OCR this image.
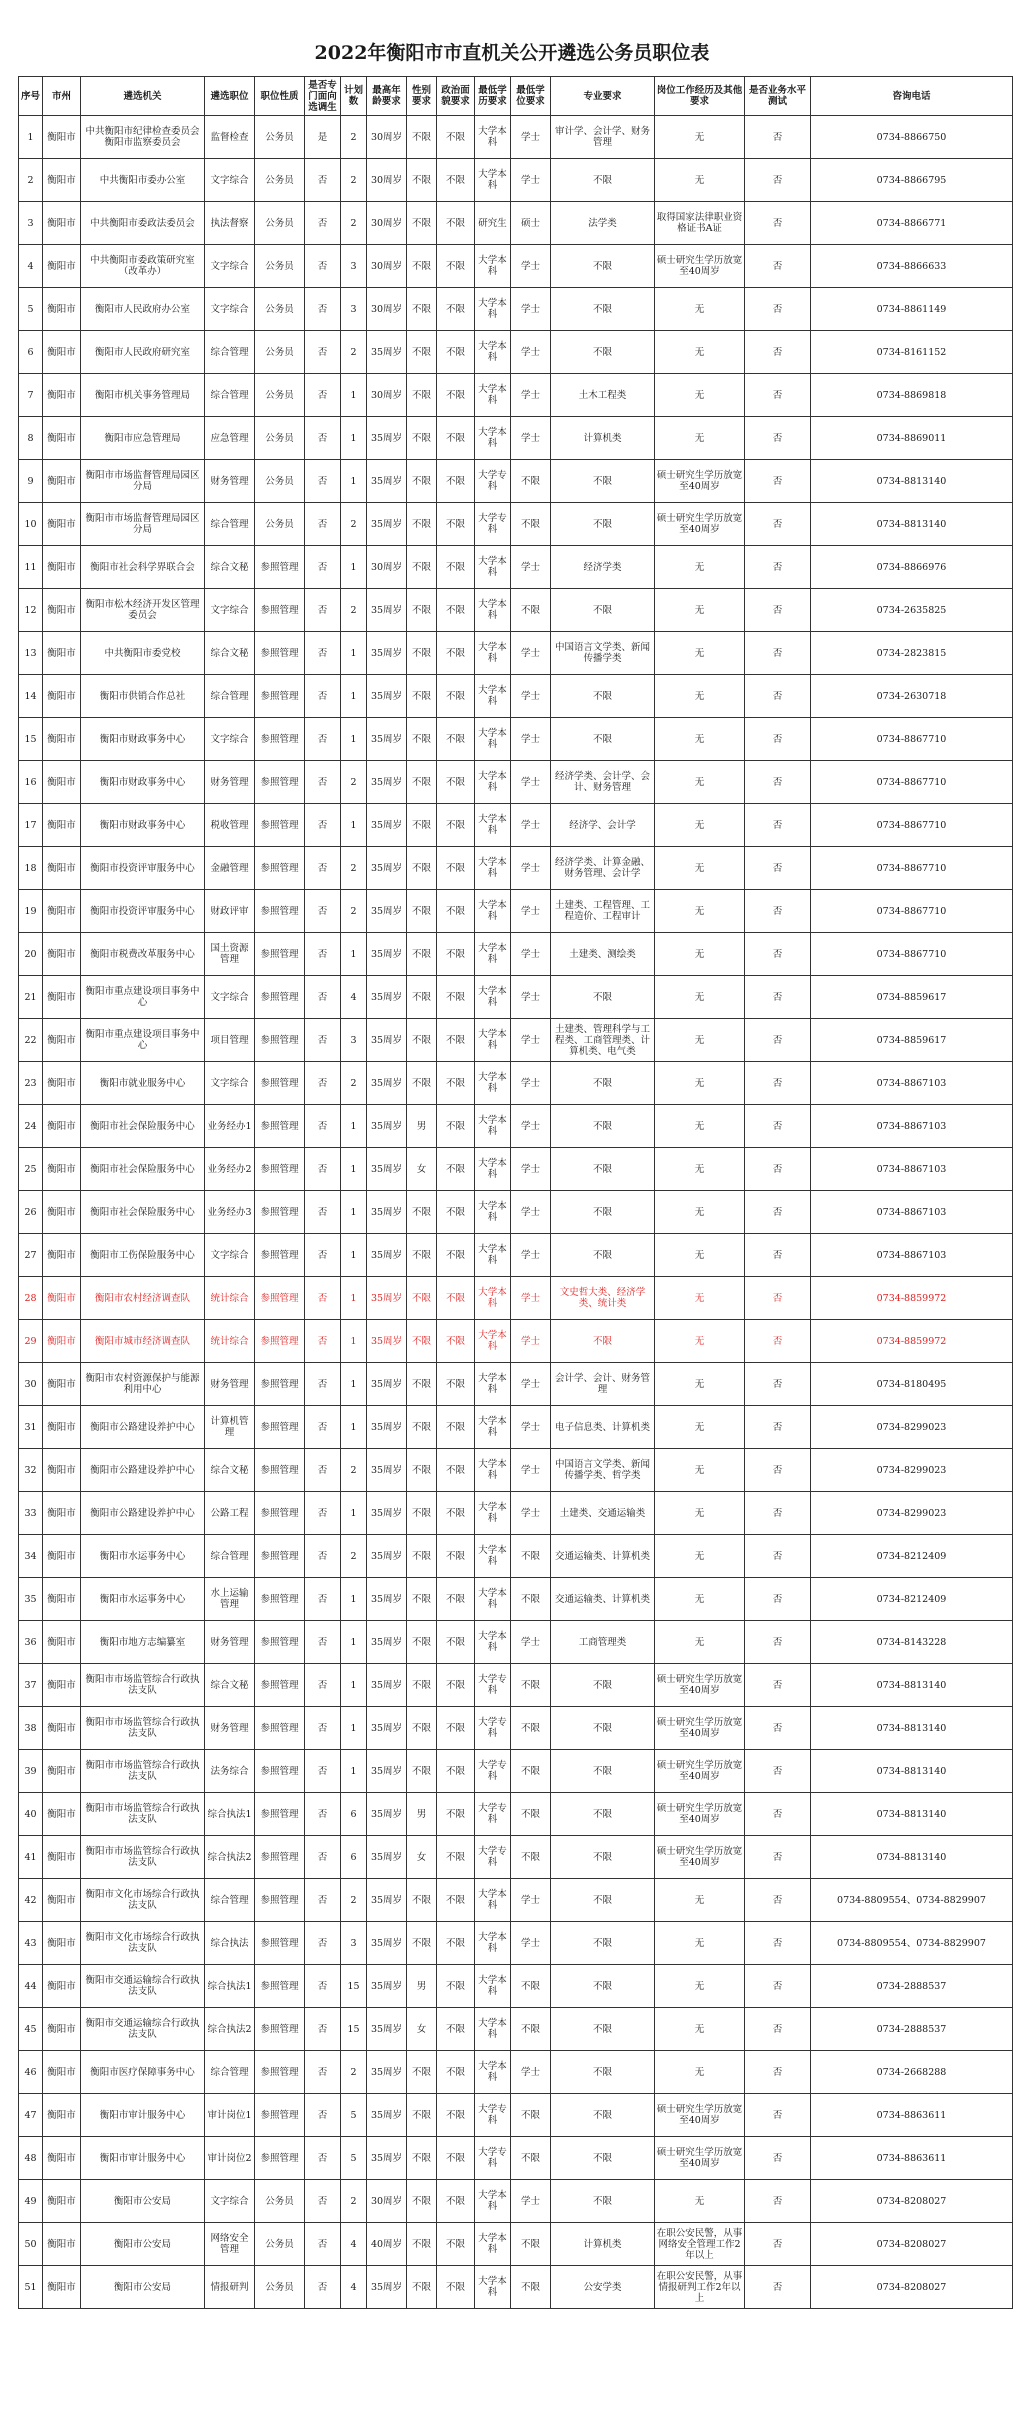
2022年衡阳市市直机关公开遴选公务员职位表
序号	市州	遴选机关	遴选职位	职位性质	是否专门面向选调生	计划数	最高年龄要求	性别要求	政治面貌要求	最低学历要求	最低学位要求	专业要求	岗位工作经历及其他要求	是否业务水平测试	咨询电话
1	衡阳市	中共衡阳市纪律检查委员会衡阳市监察委员会	监督检查	公务员	是	2	30周岁	不限	不限	大学本科	学士	审计学、会计学、财务管理	无	否	0734-8866750
2	衡阳市	中共衡阳市委办公室	文字综合	公务员	否	2	30周岁	不限	不限	大学本科	学士	不限	无	否	0734-8866795
3	衡阳市	中共衡阳市委政法委员会	执法督察	公务员	否	2	30周岁	不限	不限	研究生	硕士	法学类	取得国家法律职业资格证书A证	否	0734-8866771
4	衡阳市	中共衡阳市委政策研究室（改革办）	文字综合	公务员	否	3	30周岁	不限	不限	大学本科	学士	不限	硕士研究生学历放宽至40周岁	否	0734-8866633
5	衡阳市	衡阳市人民政府办公室	文字综合	公务员	否	3	30周岁	不限	不限	大学本科	学士	不限	无	否	0734-8861149
6	衡阳市	衡阳市人民政府研究室	综合管理	公务员	否	2	35周岁	不限	不限	大学本科	学士	不限	无	否	0734-8161152
7	衡阳市	衡阳市机关事务管理局	综合管理	公务员	否	1	30周岁	不限	不限	大学本科	学士	土木工程类	无	否	0734-8869818
8	衡阳市	衡阳市应急管理局	应急管理	公务员	否	1	35周岁	不限	不限	大学本科	学士	计算机类	无	否	0734-8869011
9	衡阳市	衡阳市市场监督管理局园区分局	财务管理	公务员	否	1	35周岁	不限	不限	大学专科	不限	不限	硕士研究生学历放宽至40周岁	否	0734-8813140
10	衡阳市	衡阳市市场监督管理局园区分局	综合管理	公务员	否	2	35周岁	不限	不限	大学专科	不限	不限	硕士研究生学历放宽至40周岁	否	0734-8813140
11	衡阳市	衡阳市社会科学界联合会	综合文秘	参照管理	否	1	30周岁	不限	不限	大学本科	学士	经济学类	无	否	0734-8866976
12	衡阳市	衡阳市松木经济开发区管理委员会	文字综合	参照管理	否	2	35周岁	不限	不限	大学本科	不限	不限	无	否	0734-2635825
13	衡阳市	中共衡阳市委党校	综合文秘	参照管理	否	1	35周岁	不限	不限	大学本科	学士	中国语言文学类、新闻传播学类	无	否	0734-2823815
14	衡阳市	衡阳市供销合作总社	综合管理	参照管理	否	1	35周岁	不限	不限	大学本科	学士	不限	无	否	0734-2630718
15	衡阳市	衡阳市财政事务中心	文字综合	参照管理	否	1	35周岁	不限	不限	大学本科	学士	不限	无	否	0734-8867710
16	衡阳市	衡阳市财政事务中心	财务管理	参照管理	否	2	35周岁	不限	不限	大学本科	学士	经济学类、会计学、会计、财务管理	无	否	0734-8867710
17	衡阳市	衡阳市财政事务中心	税收管理	参照管理	否	1	35周岁	不限	不限	大学本科	学士	经济学、会计学	无	否	0734-8867710
18	衡阳市	衡阳市投资评审服务中心	金融管理	参照管理	否	2	35周岁	不限	不限	大学本科	学士	经济学类、计算金融、财务管理、会计学	无	否	0734-8867710
19	衡阳市	衡阳市投资评审服务中心	财政评审	参照管理	否	2	35周岁	不限	不限	大学本科	学士	土建类、工程管理、工程造价、工程审计	无	否	0734-8867710
20	衡阳市	衡阳市税费改革服务中心	国土资源管理	参照管理	否	1	35周岁	不限	不限	大学本科	学士	土建类、测绘类	无	否	0734-8867710
21	衡阳市	衡阳市重点建设项目事务中心	文字综合	参照管理	否	4	35周岁	不限	不限	大学本科	学士	不限	无	否	0734-8859617
22	衡阳市	衡阳市重点建设项目事务中心	项目管理	参照管理	否	3	35周岁	不限	不限	大学本科	学士	土建类、管理科学与工程类、工商管理类、计算机类、电气类	无	否	0734-8859617
23	衡阳市	衡阳市就业服务中心	文字综合	参照管理	否	2	35周岁	不限	不限	大学本科	学士	不限	无	否	0734-8867103
24	衡阳市	衡阳市社会保险服务中心	业务经办1	参照管理	否	1	35周岁	男	不限	大学本科	学士	不限	无	否	0734-8867103
25	衡阳市	衡阳市社会保险服务中心	业务经办2	参照管理	否	1	35周岁	女	不限	大学本科	学士	不限	无	否	0734-8867103
26	衡阳市	衡阳市社会保险服务中心	业务经办3	参照管理	否	1	35周岁	不限	不限	大学本科	学士	不限	无	否	0734-8867103
27	衡阳市	衡阳市工伤保险服务中心	文字综合	参照管理	否	1	35周岁	不限	不限	大学本科	学士	不限	无	否	0734-8867103
28	衡阳市	衡阳市农村经济调查队	统计综合	参照管理	否	1	35周岁	不限	不限	大学本科	学士	文史哲大类、经济学类、统计类	无	否	0734-8859972
29	衡阳市	衡阳市城市经济调查队	统计综合	参照管理	否	1	35周岁	不限	不限	大学本科	学士	不限	无	否	0734-8859972
30	衡阳市	衡阳市农村资源保护与能源利用中心	财务管理	参照管理	否	1	35周岁	不限	不限	大学本科	学士	会计学、会计、财务管理	无	否	0734-8180495
31	衡阳市	衡阳市公路建设养护中心	计算机管理	参照管理	否	1	35周岁	不限	不限	大学本科	学士	电子信息类、计算机类	无	否	0734-8299023
32	衡阳市	衡阳市公路建设养护中心	综合文秘	参照管理	否	2	35周岁	不限	不限	大学本科	学士	中国语言文学类、新闻传播学类、哲学类	无	否	0734-8299023
33	衡阳市	衡阳市公路建设养护中心	公路工程	参照管理	否	1	35周岁	不限	不限	大学本科	学士	土建类、交通运输类	无	否	0734-8299023
34	衡阳市	衡阳市水运事务中心	综合管理	参照管理	否	2	35周岁	不限	不限	大学本科	不限	交通运输类、计算机类	无	否	0734-8212409
35	衡阳市	衡阳市水运事务中心	水上运输管理	参照管理	否	1	35周岁	不限	不限	大学本科	不限	交通运输类、计算机类	无	否	0734-8212409
36	衡阳市	衡阳市地方志编纂室	财务管理	参照管理	否	1	35周岁	不限	不限	大学本科	学士	工商管理类	无	否	0734-8143228
37	衡阳市	衡阳市市场监管综合行政执法支队	综合文秘	参照管理	否	1	35周岁	不限	不限	大学专科	不限	不限	硕士研究生学历放宽至40周岁	否	0734-8813140
38	衡阳市	衡阳市市场监管综合行政执法支队	财务管理	参照管理	否	1	35周岁	不限	不限	大学专科	不限	不限	硕士研究生学历放宽至40周岁	否	0734-8813140
39	衡阳市	衡阳市市场监管综合行政执法支队	法务综合	参照管理	否	1	35周岁	不限	不限	大学专科	不限	不限	硕士研究生学历放宽至40周岁	否	0734-8813140
40	衡阳市	衡阳市市场监管综合行政执法支队	综合执法1	参照管理	否	6	35周岁	男	不限	大学专科	不限	不限	硕士研究生学历放宽至40周岁	否	0734-8813140
41	衡阳市	衡阳市市场监管综合行政执法支队	综合执法2	参照管理	否	6	35周岁	女	不限	大学专科	不限	不限	硕士研究生学历放宽至40周岁	否	0734-8813140
42	衡阳市	衡阳市文化市场综合行政执法支队	综合管理	参照管理	否	2	35周岁	不限	不限	大学本科	学士	不限	无	否	0734-8809554、0734-8829907
43	衡阳市	衡阳市文化市场综合行政执法支队	综合执法	参照管理	否	3	35周岁	不限	不限	大学本科	学士	不限	无	否	0734-8809554、0734-8829907
44	衡阳市	衡阳市交通运输综合行政执法支队	综合执法1	参照管理	否	15	35周岁	男	不限	大学本科	不限	不限	无	否	0734-2888537
45	衡阳市	衡阳市交通运输综合行政执法支队	综合执法2	参照管理	否	15	35周岁	女	不限	大学本科	不限	不限	无	否	0734-2888537
46	衡阳市	衡阳市医疗保障事务中心	综合管理	参照管理	否	2	35周岁	不限	不限	大学本科	学士	不限	无	否	0734-2668288
47	衡阳市	衡阳市审计服务中心	审计岗位1	参照管理	否	5	35周岁	不限	不限	大学专科	不限	不限	硕士研究生学历放宽至40周岁	否	0734-8863611
48	衡阳市	衡阳市审计服务中心	审计岗位2	参照管理	否	5	35周岁	不限	不限	大学专科	不限	不限	硕士研究生学历放宽至40周岁	否	0734-8863611
49	衡阳市	衡阳市公安局	文字综合	公务员	否	2	30周岁	不限	不限	大学本科	学士	不限	无	否	0734-8208027
50	衡阳市	衡阳市公安局	网络安全管理	公务员	否	4	40周岁	不限	不限	大学本科	不限	计算机类	在职公安民警，从事网络安全管理工作2年以上	否	0734-8208027
51	衡阳市	衡阳市公安局	情报研判	公务员	否	4	35周岁	不限	不限	大学本科	不限	公安学类	在职公安民警，从事情报研判工作2年以上	否	0734-8208027
